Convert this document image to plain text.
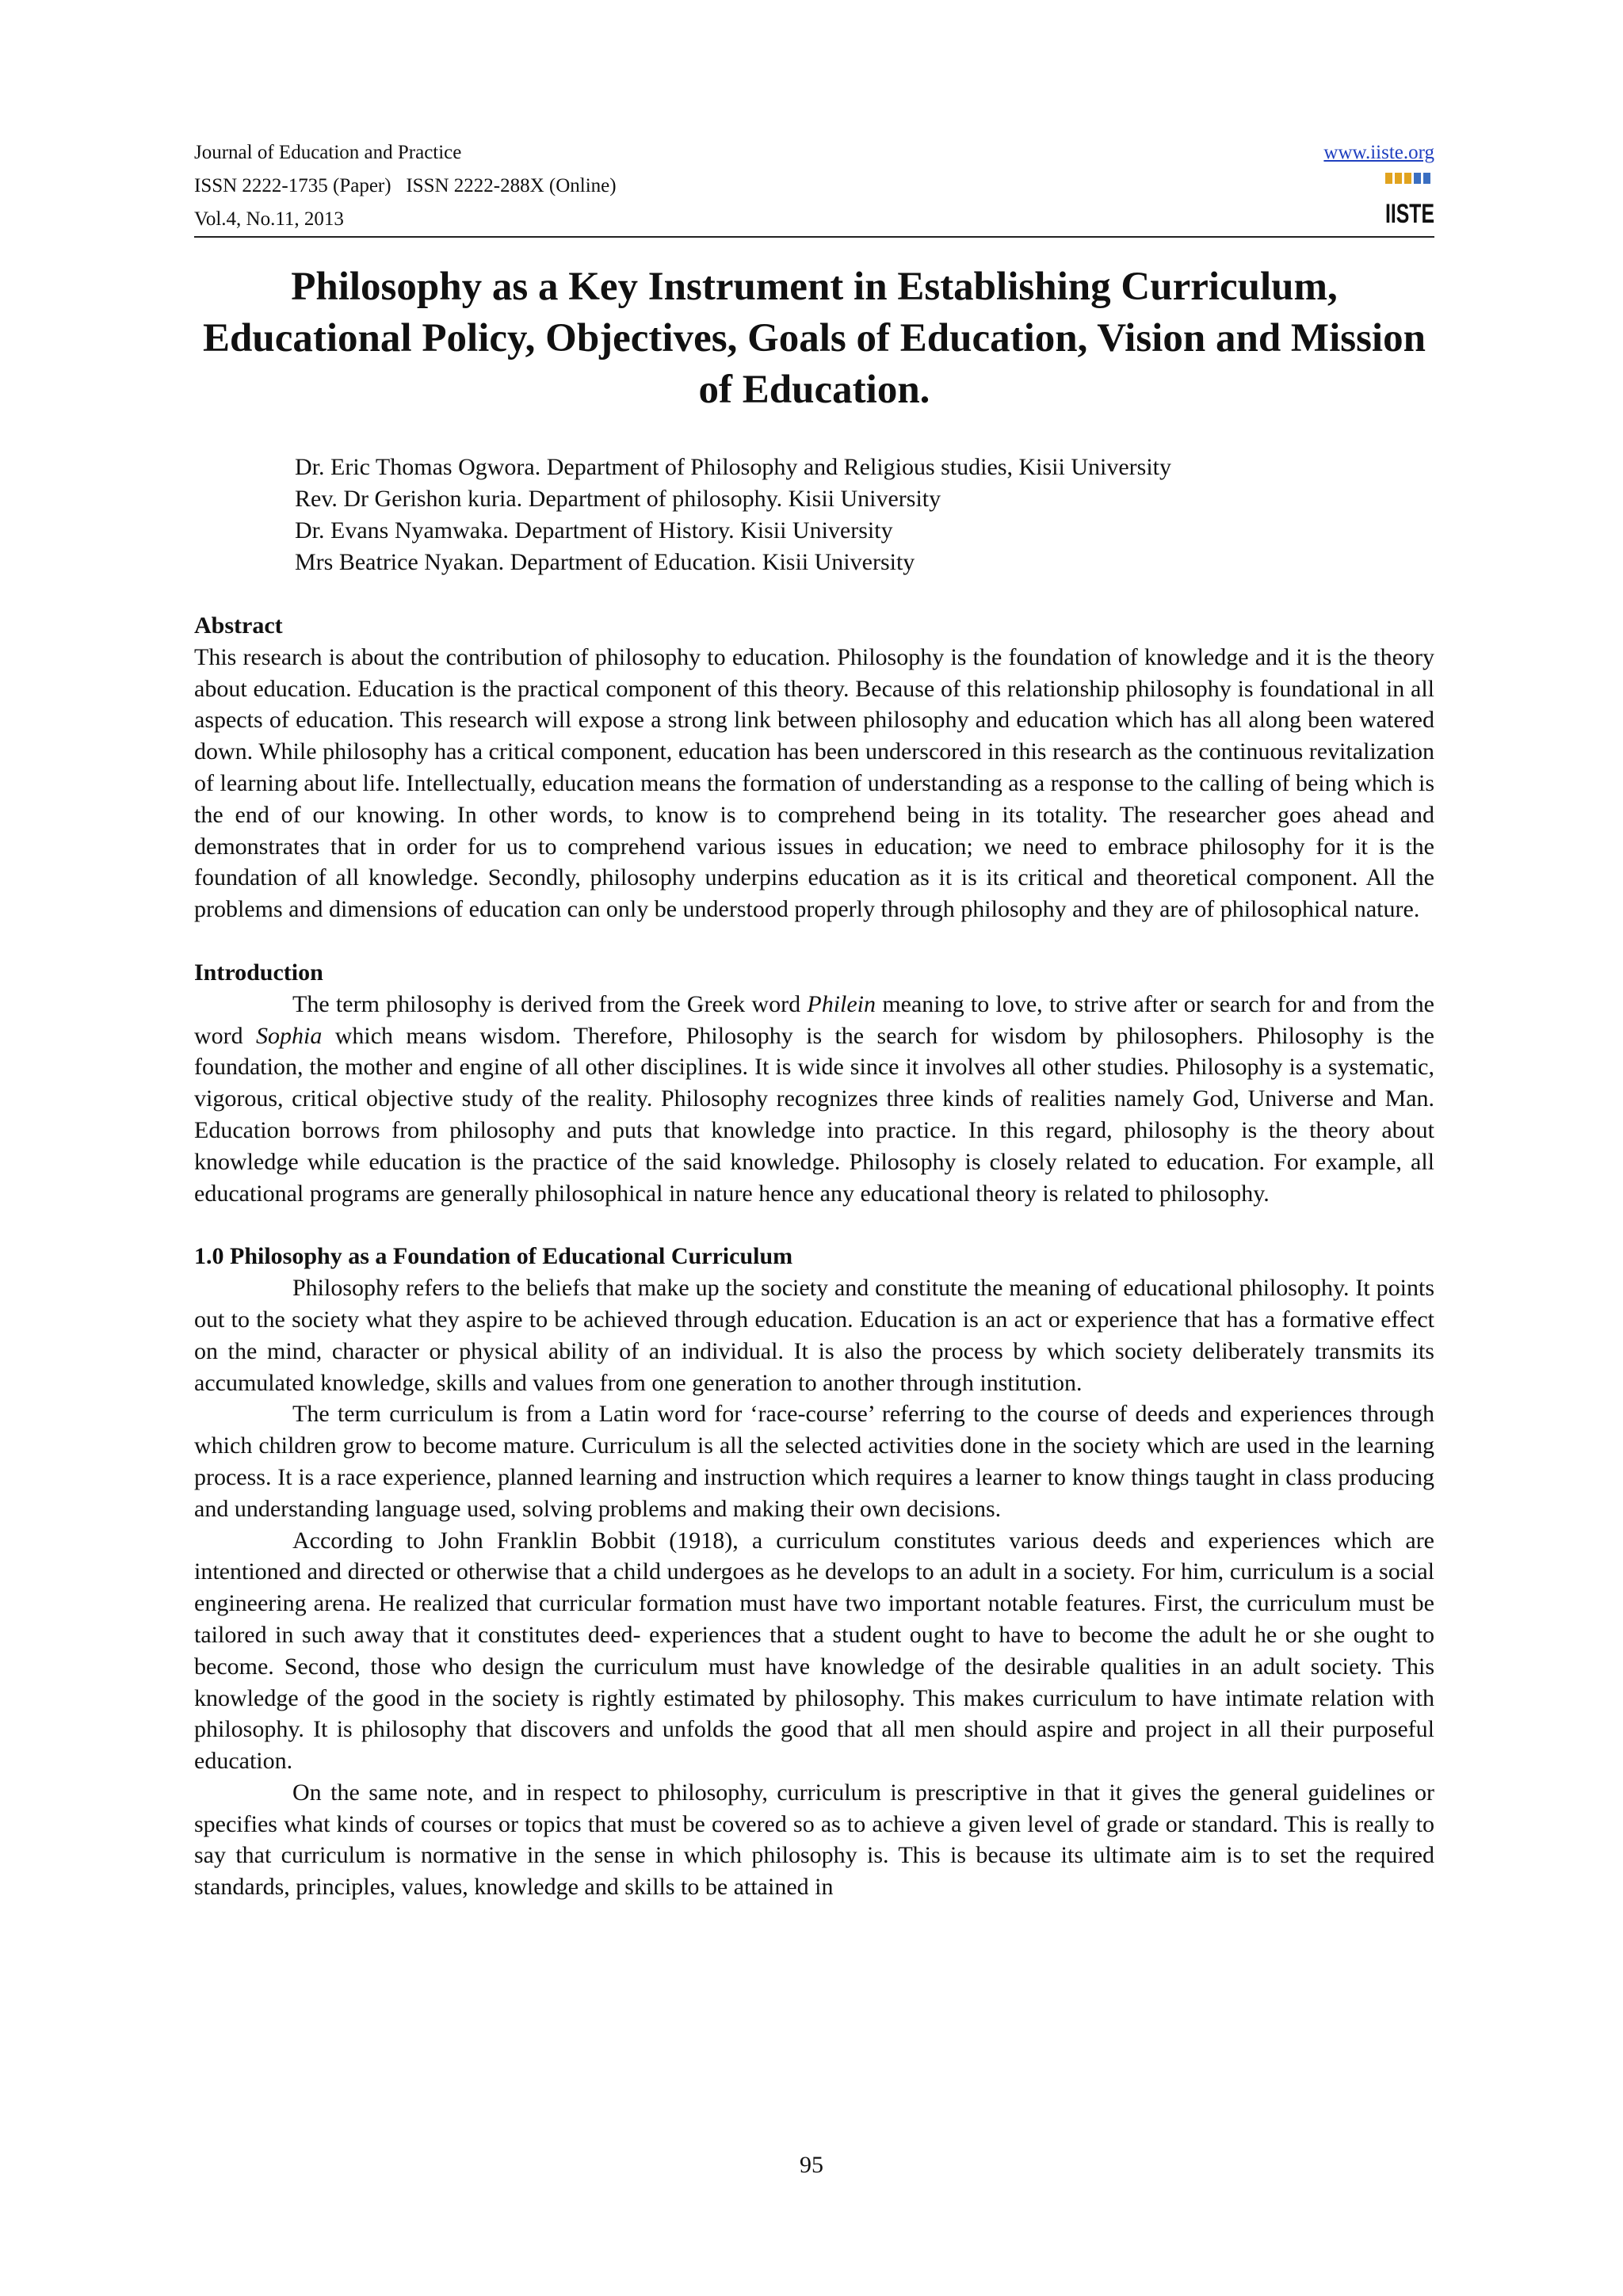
Journal of Education and Practice
ISSN 2222-1735 (Paper)   ISSN 2222-288X (Online)
Vol.4, No.11, 2013
www.iiste.org
IISTE
Philosophy as a Key Instrument in Establishing Curriculum, Educational Policy, Objectives, Goals of Education, Vision and Mission of Education.
Dr. Eric Thomas Ogwora. Department of Philosophy and Religious studies, Kisii University
Rev. Dr Gerishon kuria. Department of philosophy. Kisii University
Dr. Evans Nyamwaka. Department of History. Kisii University
Mrs Beatrice Nyakan. Department of Education. Kisii University
Abstract

This research is about the contribution of philosophy to education. Philosophy is the foundation of knowledge and it is the theory about education. Education is the practical component of this theory. Because of this relationship philosophy is foundational in all aspects of education. This research will expose a strong link between philosophy and education which has all along been watered down. While philosophy has a critical component, education has been underscored in this research as the continuous revitalization of learning about life. Intellectually, education means the formation of understanding as a response to the calling of being which is the end of our knowing. In other words, to know is to comprehend being in its totality. The researcher goes ahead and demonstrates that in order for us to comprehend various issues in education; we need to embrace philosophy for it is the foundation of all knowledge. Secondly, philosophy underpins education as it is its critical and theoretical component. All the problems and dimensions of education can only be understood properly through philosophy and they are of philosophical nature.

Introduction

The term philosophy is derived from the Greek word Philein meaning to love, to strive after or search for and from the word Sophia which means wisdom. Therefore, Philosophy is the search for wisdom by philosophers. Philosophy is the foundation, the mother and engine of all other disciplines. It is wide since it involves all other studies. Philosophy is a systematic, vigorous, critical objective study of the reality. Philosophy recognizes three kinds of realities namely God, Universe and Man. Education borrows from philosophy and puts that knowledge into practice. In this regard, philosophy is the theory about knowledge while education is the practice of the said knowledge. Philosophy is closely related to education. For example, all educational programs are generally philosophical in nature hence any educational theory is related to philosophy.

1.0 Philosophy as a Foundation of Educational Curriculum

Philosophy refers to the beliefs that make up the society and constitute the meaning of educational philosophy. It points out to the society what they aspire to be achieved through education. Education is an act or experience that has a formative effect on the mind, character or physical ability of an individual. It is also the process by which society deliberately transmits its accumulated knowledge, skills and values from one generation to another through institution.

The term curriculum is from a Latin word for ‘race-course’ referring to the course of deeds and experiences through which children grow to become mature. Curriculum is all the selected activities done in the society which are used in the learning process. It is a race experience, planned learning and instruction which requires a learner to know things taught in class producing and understanding language used, solving problems and making their own decisions.

According to John Franklin Bobbit (1918), a curriculum constitutes various deeds and experiences which are intentioned and directed or otherwise that a child undergoes as he develops to an adult in a society. For him, curriculum is a social engineering arena. He realized that curricular formation must have two important notable features. First, the curriculum must be tailored in such away that it constitutes deed- experiences that a student ought to have to become the adult he or she ought to become. Second, those who design the curriculum must have knowledge of the desirable qualities in an adult society. This knowledge of the good in the society is rightly estimated by philosophy. This makes curriculum to have intimate relation with philosophy. It is philosophy that discovers and unfolds the good that all men should aspire and project in all their purposeful education.

On the same note, and in respect to philosophy, curriculum is prescriptive in that it gives the general guidelines or specifies what kinds of courses or topics that must be covered so as to achieve a given level of grade or standard. This is really to say that curriculum is normative in the sense in which philosophy is. This is because its ultimate aim is to set the required standards, principles, values, knowledge and skills to be attained in

95
